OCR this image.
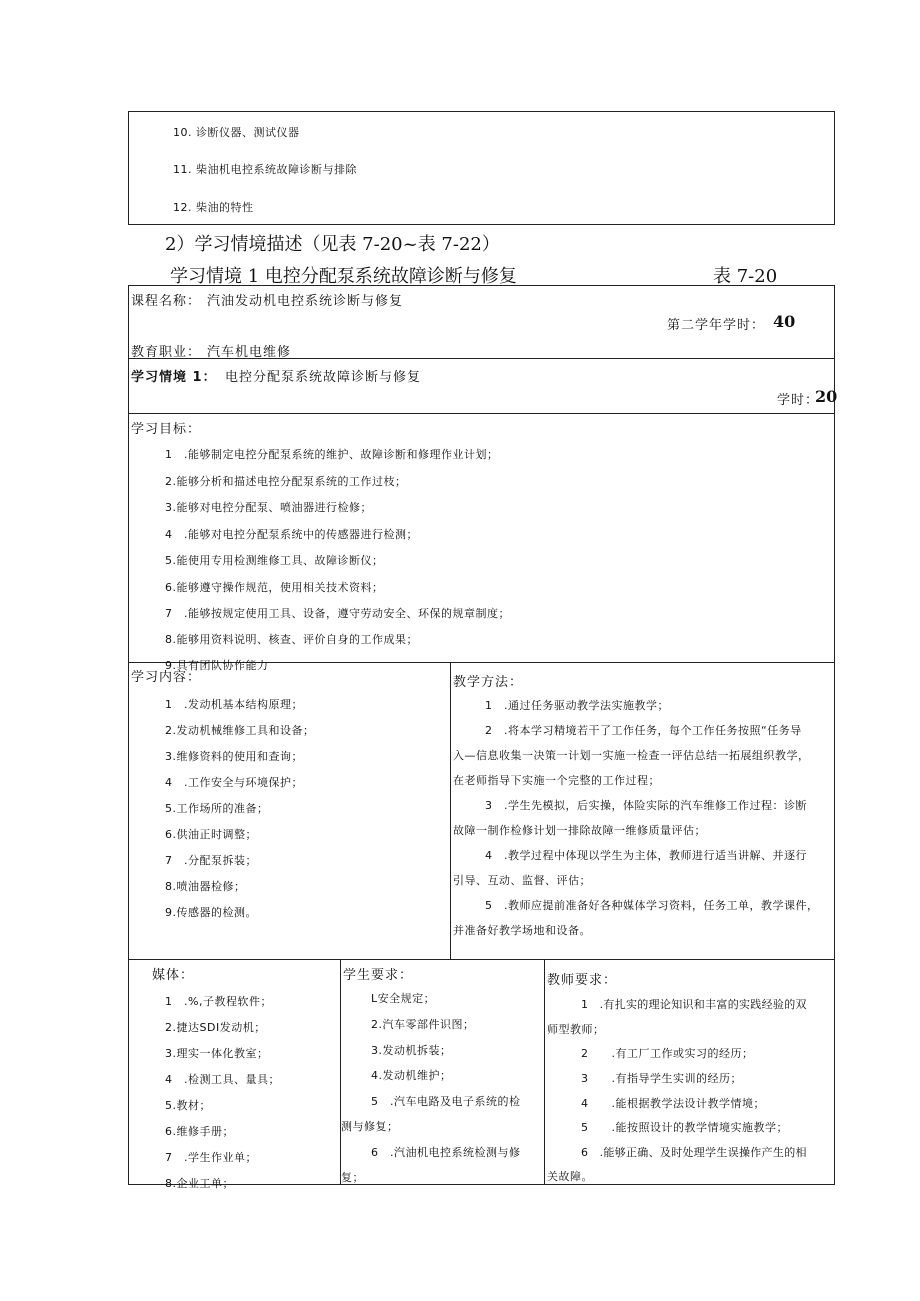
10. 诊断仪器、测试仪器
11. 柴油机电控系统故障诊断与排除
12. 柴油的特性
2）学习情境描述（见表 7-20~表 7-22）
学习情境 1 电控分配泵系统故障诊断与修复	表 7-20
课程名称： 汽油发动机电控系统诊断与修复
第二学年学时： 40
教育职业： 汽车机电维修
学习情境 1： 电控分配泵系统故障诊断与修复
学时：
20
学习目标：
1　.能够制定电控分配泵系统的维护、故障诊断和修理作业计划；
2.能够分析和描述电控分配泵系统的工作过枝；
3.能够对电控分配泵、喷油器进行检修；
4　.能够对电控分配泵系统中的传感器进行检测；
5.能使用专用检测维修工具、故障诊断仪；
6.能够遵守操作规范，使用相关技术资料；
7　.能够按规定使用工具、设备，遵守劳动安全、环保的规章制度；
8.能够用资料说明、核查、评价自身的工作成果；
9.具有团队协作能力
学习内容：
1　.发动机基本结构原理；
2.发动机械维修工具和设备；
3.维修资料的使用和查询；
4　.工作安全与环境保护；
5.工作场所的准备；
6.供油正时调整；
7　.分配泵拆装；
8.喷油器检修；
9.传感器的检测。
教学方法：
1　.通过任务驱动教学法实施教学；
2　.将本学习精境若干了工作任务，每个工作任务按照“任务导
入—信息收集一决策一计划一实施一检查一评估总结一拓展组织教学，
在老师指导下实施一个完整的工作过程；
3　.学生先模拟，后实操，体险实际的汽车维修工作过程：诊断
故障一制作检修计划一排除故障一维修质量评估；
4　.教学过程中体现以学生为主体，教师进行适当讲解、并逐行
引导、互动、监督、评估；
5　.教师应提前准备好各种媒体学习资料，任务工单，教学课件，
并准备好教学场地和设备。
媒体：
1　.%,子教程软件；
2.捷达SDI发动机；
3.理实一体化教室；
4　.检测工具、量具；
5.教材；
6.维修手册；
7　.学生作业单；
8.企业工单；
学生要求：
L安全规定；
2.汽车零部件识图；
3.发动机拆装；
4.发动机维护；
5　.汽车电路及电子系统的检
测与修复；
6　.汽油机电控系统检测与修
复；
教师要求：
1　.有扎实的理论知识和丰富的实践经验的双
师型教师；
2　　.有工厂工作或实习的经历；
3　　.有指导学生实训的经历；
4　　.能根据教学法设计教学情境；
5　　.能按照设计的教学情境实施教学；
6　.能够正确、及时处理学生误操作产生的相
关故障。
